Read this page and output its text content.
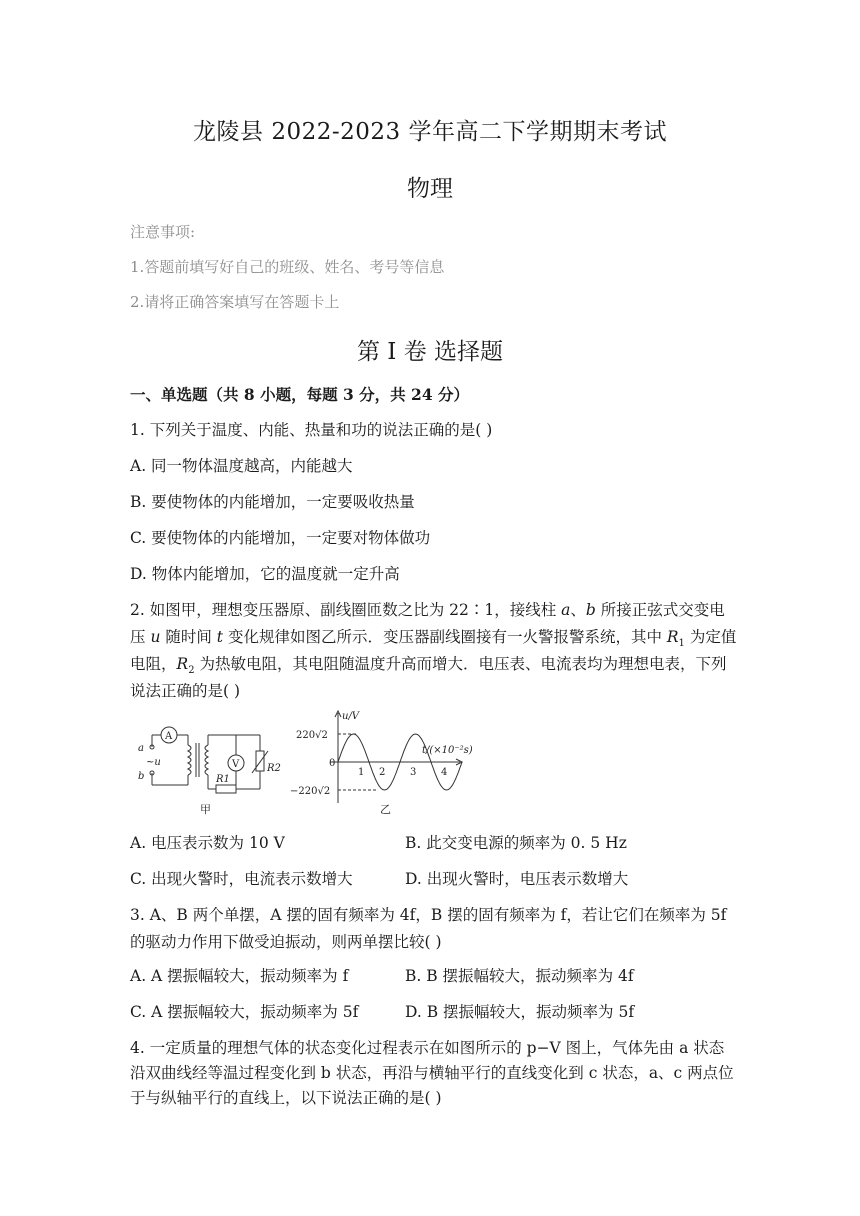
龙陵县 2022-2023 学年高二下学期期末考试
物理
注意事项:
1.答题前填写好自己的班级、姓名、考号等信息
2.请将正确答案填写在答题卡上
第 I 卷 选择题
一、单选题（共 8 小题，每题 3 分，共 24 分）
1. 下列关于温度、内能、热量和功的说法正确的是( )
A. 同一物体温度越高，内能越大
B. 要使物体的内能增加，一定要吸收热量
C. 要使物体的内能增加，一定要对物体做功
D. 物体内能增加，它的温度就一定升高
2. 如图甲，理想变压器原、副线圈匝数之比为 22∶1，接线柱 a、b 所接正弦式交变电
压 u 随时间 t 变化规律如图乙所示．变压器副线圈接有一火警报警系统，其中 $R_1$ 为定值
电阻，$R_2$ 为热敏电阻，其电阻随温度升高而增大．电压表、电流表均为理想电表，下列
说法正确的是( )
a
b
~u
A
V
R1
R2
甲
u/V
t/(×10⁻²s)
220√2
−220√2
0
1 2 3 4
乙
A. 电压表示数为 10 V	B. 此交变电源的频率为 0. 5 Hz
C. 出现火警时，电流表示数增大	D. 出现火警时，电压表示数增大
3. A、B 两个单摆，A 摆的固有频率为 4f，B 摆的固有频率为 f，若让它们在频率为 5f
的驱动力作用下做受迫振动，则两单摆比较( )
A. A 摆振幅较大，振动频率为 f	B. B 摆振幅较大，振动频率为 4f
C. A 摆振幅较大，振动频率为 5f	D. B 摆振幅较大，振动频率为 5f
4. 一定质量的理想气体的状态变化过程表示在如图所示的 p−V 图上，气体先由 a 状态
沿双曲线经等温过程变化到 b 状态，再沿与横轴平行的直线变化到 c 状态，a、c 两点位
于与纵轴平行的直线上，以下说法正确的是( )
